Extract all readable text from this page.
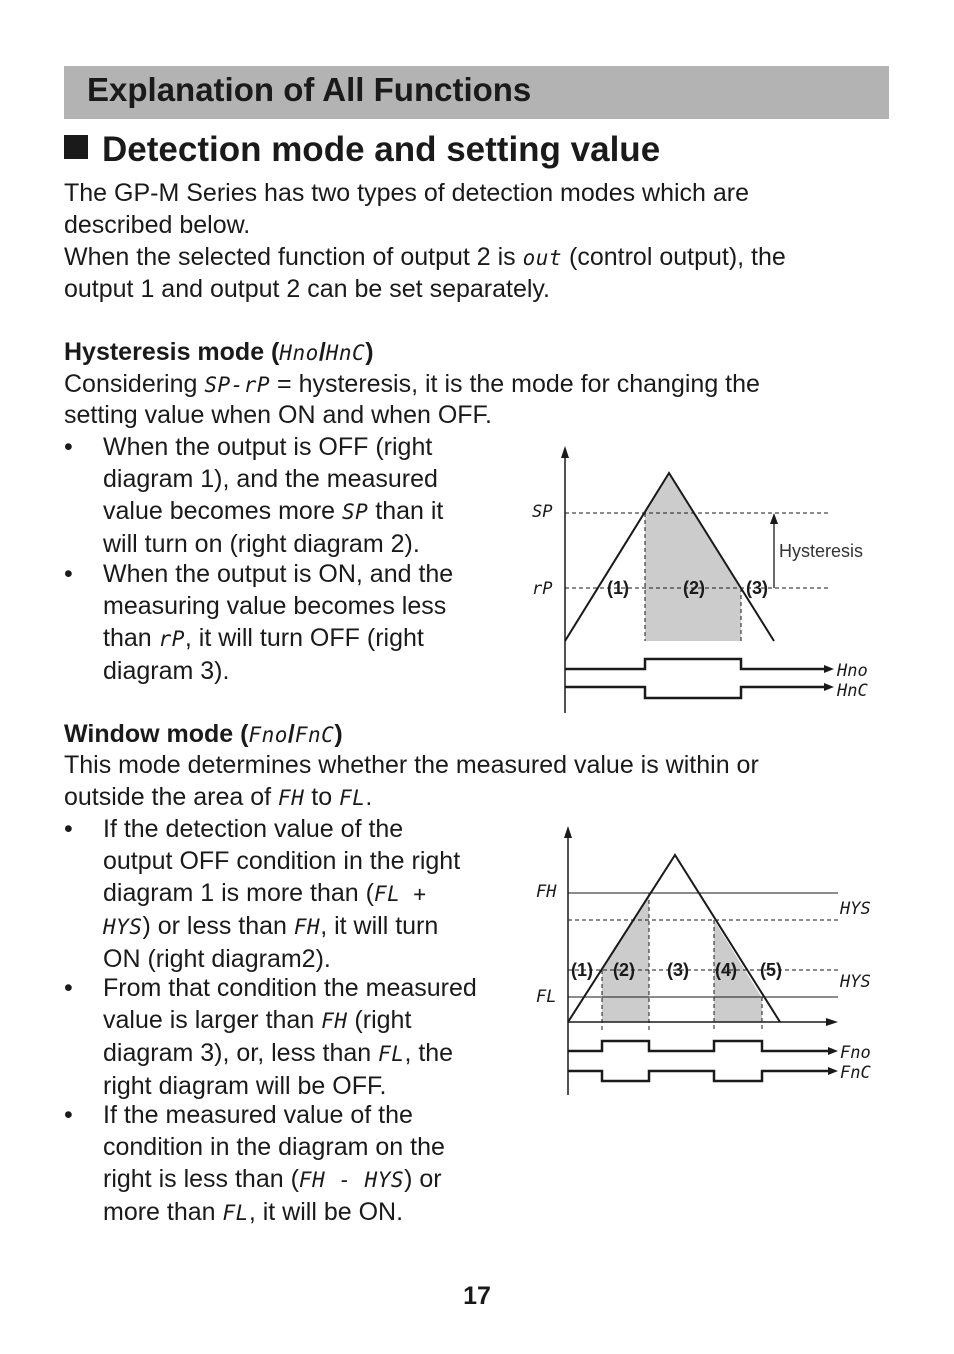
Explanation of All Functions
Detection mode and setting value
The GP-M Series has two types of detection modes which are
described below.
When the selected function of output 2 is out (control output), the
output 1 and output 2 can be set separately.
Hysteresis mode (Hno/HnC)
Considering SP-rP = hysteresis, it is the mode for changing the
setting value when ON and when OFF.
• When the output is OFF (right
diagram 1), and the measured
value becomes more SP than it
will turn on (right diagram 2).
• When the output is ON, and the
measuring value becomes less
than rP, it will turn OFF (right
diagram 3).
Hysteresis
SP
rP	(1)	(2) (3)
Hno
HnC
Window mode (Fno/FnC)
This mode determines whether the measured value is within or
outside the area of FH to FL.
• If the detection value of the
output OFF condition in the right
diagram 1 is more than (FL +
HYS) or less than FH, it will turn
ON (right diagram2).
• From that condition the measured
value is larger than FH (right
diagram 3), or, less than FL, the
right diagram will be OFF.
• If the measured value of the
condition in the diagram on the
right is less than (FH - HYS) or
more than FL, it will be ON.
FH
FL
HYS
HYS
(1) (2) (3) (4) (5)
Fno
FnC
17
